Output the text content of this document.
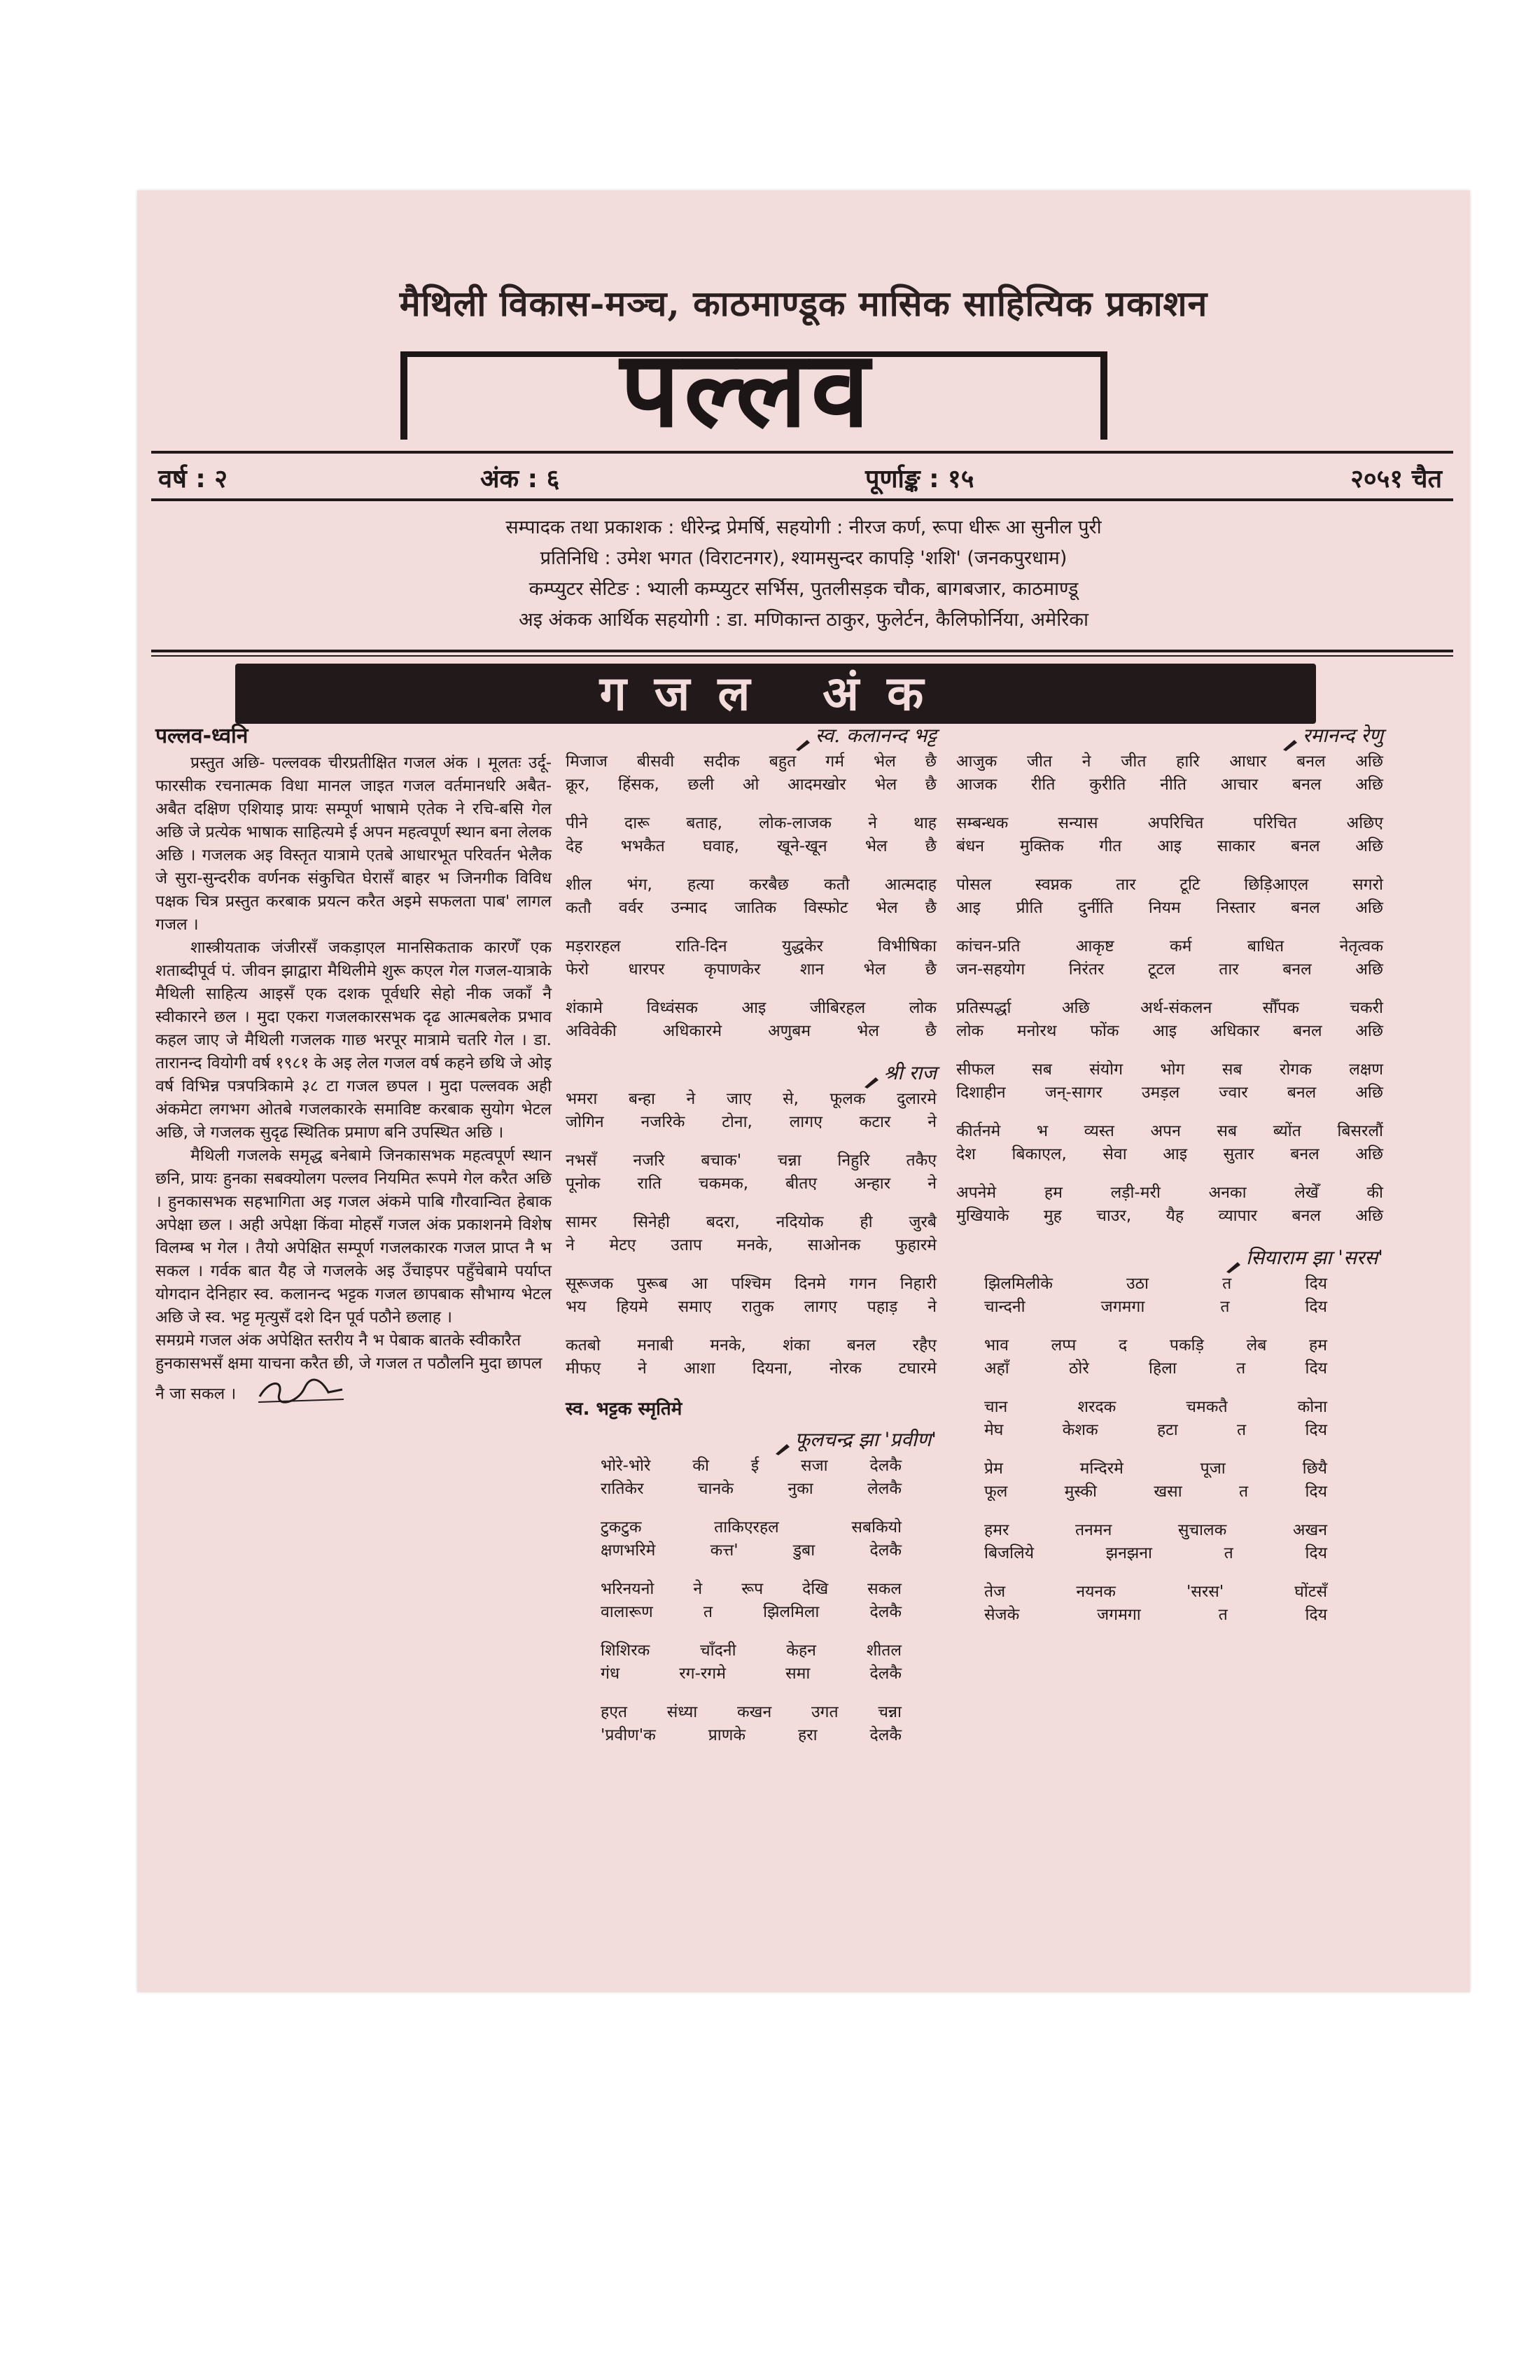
मैथिली विकास-मञ्च, काठमाण्डूक मासिक साहित्यिक प्रकाशन
पल्लव
वर्ष : २	अंक : ६	पूर्णाङ्क : १५	२०५१ चैत
सम्पादक तथा प्रकाशक : धीरेन्द्र प्रेमर्षि, सहयोगी : नीरज कर्ण, रूपा धीरू आ सुनील पुरी
प्रतिनिधि : उमेश भगत (विराटनगर), श्यामसुन्दर कापड़ि 'शशि' (जनकपुरधाम)
कम्प्युटर सेटिङ : भ्याली कम्प्युटर सर्भिस, पुतलीसड़क चौक, बागबजार, काठमाण्डू
अइ अंकक आर्थिक सहयोगी : डा. मणिकान्त ठाकुर, फुलेर्टन, कैलिफोर्निया, अमेरिका
गजल अंक
पल्लव-ध्वनि

प्रस्तुत अछि- पल्लवक चीरप्रतीक्षित गजल अंक । मूलतः उर्दू-फारसीक रचनात्मक विधा मानल जाइत गजल वर्तमानधरि अबैत-अबैत दक्षिण एशियाइ प्रायः सम्पूर्ण भाषामे एतेक ने रचि-बसि गेल अछि जे प्रत्येक भाषाक साहित्यमे ई अपन महत्वपूर्ण स्थान बना लेलक अछि । गजलक अइ विस्तृत यात्रामे एतबे आधारभूत परिवर्तन भेलैक जे सुरा-सुन्दरीक वर्णनक संकुचित घेरासँ बाहर भ जिनगीक विविध पक्षक चित्र प्रस्तुत करबाक प्रयत्न करैत अइमे सफलता पाब' लागल गजल ।

शास्त्रीयताक जंजीरसँ जकड़ाएल मानसिकताक कारणेँ एक शताब्दीपूर्व पं. जीवन झाद्वारा मैथिलीमे शुरू कएल गेल गजल-यात्राके मैथिली साहित्य आइसँ एक दशक पूर्वधरि सेहो नीक जकाँ नै स्वीकारने छल । मुदा एकरा गजलकारसभक दृढ आत्मबलेक प्रभाव कहल जाए जे मैथिली गजलक गाछ भरपूर मात्रामे चतरि गेल । डा. तारानन्द वियोगी वर्ष १९८१ के अइ लेल गजल वर्ष कहने छथि जे ओइ वर्ष विभिन्न पत्रपत्रिकामे ३८ टा गजल छपल । मुदा पल्लवक अही अंकमेटा लगभग ओतबे गजलकारके समाविष्ट करबाक सुयोग भेटल अछि, जे गजलक सुदृढ स्थितिक प्रमाण बनि उपस्थित अछि ।

मैथिली गजलके समृद्ध बनेबामे जिनकासभक महत्वपूर्ण स्थान छनि, प्रायः हुनका सबक्योलग पल्लव नियमित रूपमे गेल करैत अछि । हुनकासभक सहभागिता अइ गजल अंकमे पाबि गौरवान्वित हेबाक अपेक्षा छल । अही अपेक्षा किंवा मोहसँ गजल अंक प्रकाशनमे विशेष विलम्ब भ गेल । तैयो अपेक्षित सम्पूर्ण गजलकारक गजल प्राप्त नै भ सकल । गर्वक बात यैह जे गजलके अइ उँचाइपर पहुँचेबामे पर्याप्त योगदान देनिहार स्व. कलानन्द भट्टक गजल छापबाक सौभाग्य भेटल अछि जे स्व. भट्ट मृत्युसँ दशे दिन पूर्व पठौने छलाह ।

समग्रमे गजल अंक अपेक्षित स्तरीय नै भ पेबाक बातके स्वीकारैत हुनकासभसँ क्षमा याचना करैत छी, जे गजल त पठौलनि मुदा छापल नै जा सकल ।

स्व. कलानन्द भट्ट
मिजाज बीसवी सदीक बहुत गर्म भेल छै
क्रूर, हिंसक, छली ओ आदमखोर भेल छै
पीने दारू बताह, लोक-लाजक ने थाह
देह भभकैत घवाह, खूने-खून भेल छै
शील भंग, हत्या करबैछ कतौ आत्मदाह
कतौ वर्वर उन्माद जातिक विस्फोट भेल छै
मड़रारहल राति-दिन युद्धकेर विभीषिका
फेरो धारपर कृपाणकेर शान भेल छै
शंकामे विध्वंसक आइ जीबिरहल लोक
अविवेकी अधिकारमे अणुबम भेल छै
श्री राज
भमरा बन्हा ने जाए से, फूलक दुलारमे
जोगिन नजरिके टोना, लागए कटार ने
नभसँ नजरि बचाक' चन्ना निहुरि तकैए
पूनोक राति चकमक, बीतए अन्हार ने
सामर सिनेही बदरा, नदियोक ही जुरबै
ने मेटए उताप मनके, साओनक फुहारमे
सूरूजक पुरूब आ पश्चिम दिनमे गगन निहारी
भय हियमे समाए रातुक लागए पहाड़ ने
कतबो मनाबी मनके, शंका बनल रहैए
मीफए ने आशा दियना, नोरक टघारमे
स्व. भट्टक स्मृतिमे
फूलचन्द्र झा 'प्रवीण'
भोरे-भोरे की ई सजा देलकै
रातिकेर चानके नुका लेलकै
टुकटुक ताकिएरहल सबकियो
क्षणभरिमे कत्त' डुबा देलकै
भरिनयनो ने रूप देखि सकल
वालारूण त झिलमिला देलकै
शिशिरक चाँदनी केहन शीतल
गंध रग-रगमे समा देलकै
हएत संध्या कखन उगत चन्ना
'प्रवीण'क प्राणके हरा देलकै
रमानन्द रेणु
आजुक जीत ने जीत हारि आधार बनल अछि
आजक रीति कुरीति नीति आचार बनल अछि
सम्बन्धक सन्यास अपरिचित परिचित अछिए
बंधन मुक्तिक गीत आइ साकार बनल अछि
पोसल स्वप्नक तार टूटि छिड़िआएल सगरो
आइ प्रीति दुर्नीति नियम निस्तार बनल अछि
कांचन-प्रति आकृष्ट कर्म बाधित नेतृत्वक
जन-सहयोग निरंतर टूटल तार बनल अछि
प्रतिस्पर्द्धा अछि अर्थ-संकलन सौँपक चकरी
लोक मनोरथ फोंक आइ अधिकार बनल अछि
सीफल सब संयोग भोग सब रोगक लक्षण
दिशाहीन जन्-सागर उमड़ल ज्वार बनल अछि
कीर्तनमे भ व्यस्त अपन सब ब्योंत बिसरलौं
देश बिकाएल, सेवा आइ सुतार बनल अछि
अपनेमे हम लड़ी-मरी अनका लेखेँ की
मुखियाके मुह चाउर, यैह व्यापार बनल अछि
सियाराम झा 'सरस'
झिलमिलीके उठा त दिय
चान्दनी जगमगा त दिय
भाव लप्प द पकड़ि लेब हम
अहाँ ठोरे हिला त दिय
चान शरदक चमकतै कोना
मेघ केशक हटा त दिय
प्रेम मन्दिरमे पूजा छियै
फूल मुस्की खसा त दिय
हमर तनमन सुचालक अखन
बिजलिये झनझना त दिय
तेज नयनक 'सरस' घोंटसँ
सेजके जगमगा त दिय
